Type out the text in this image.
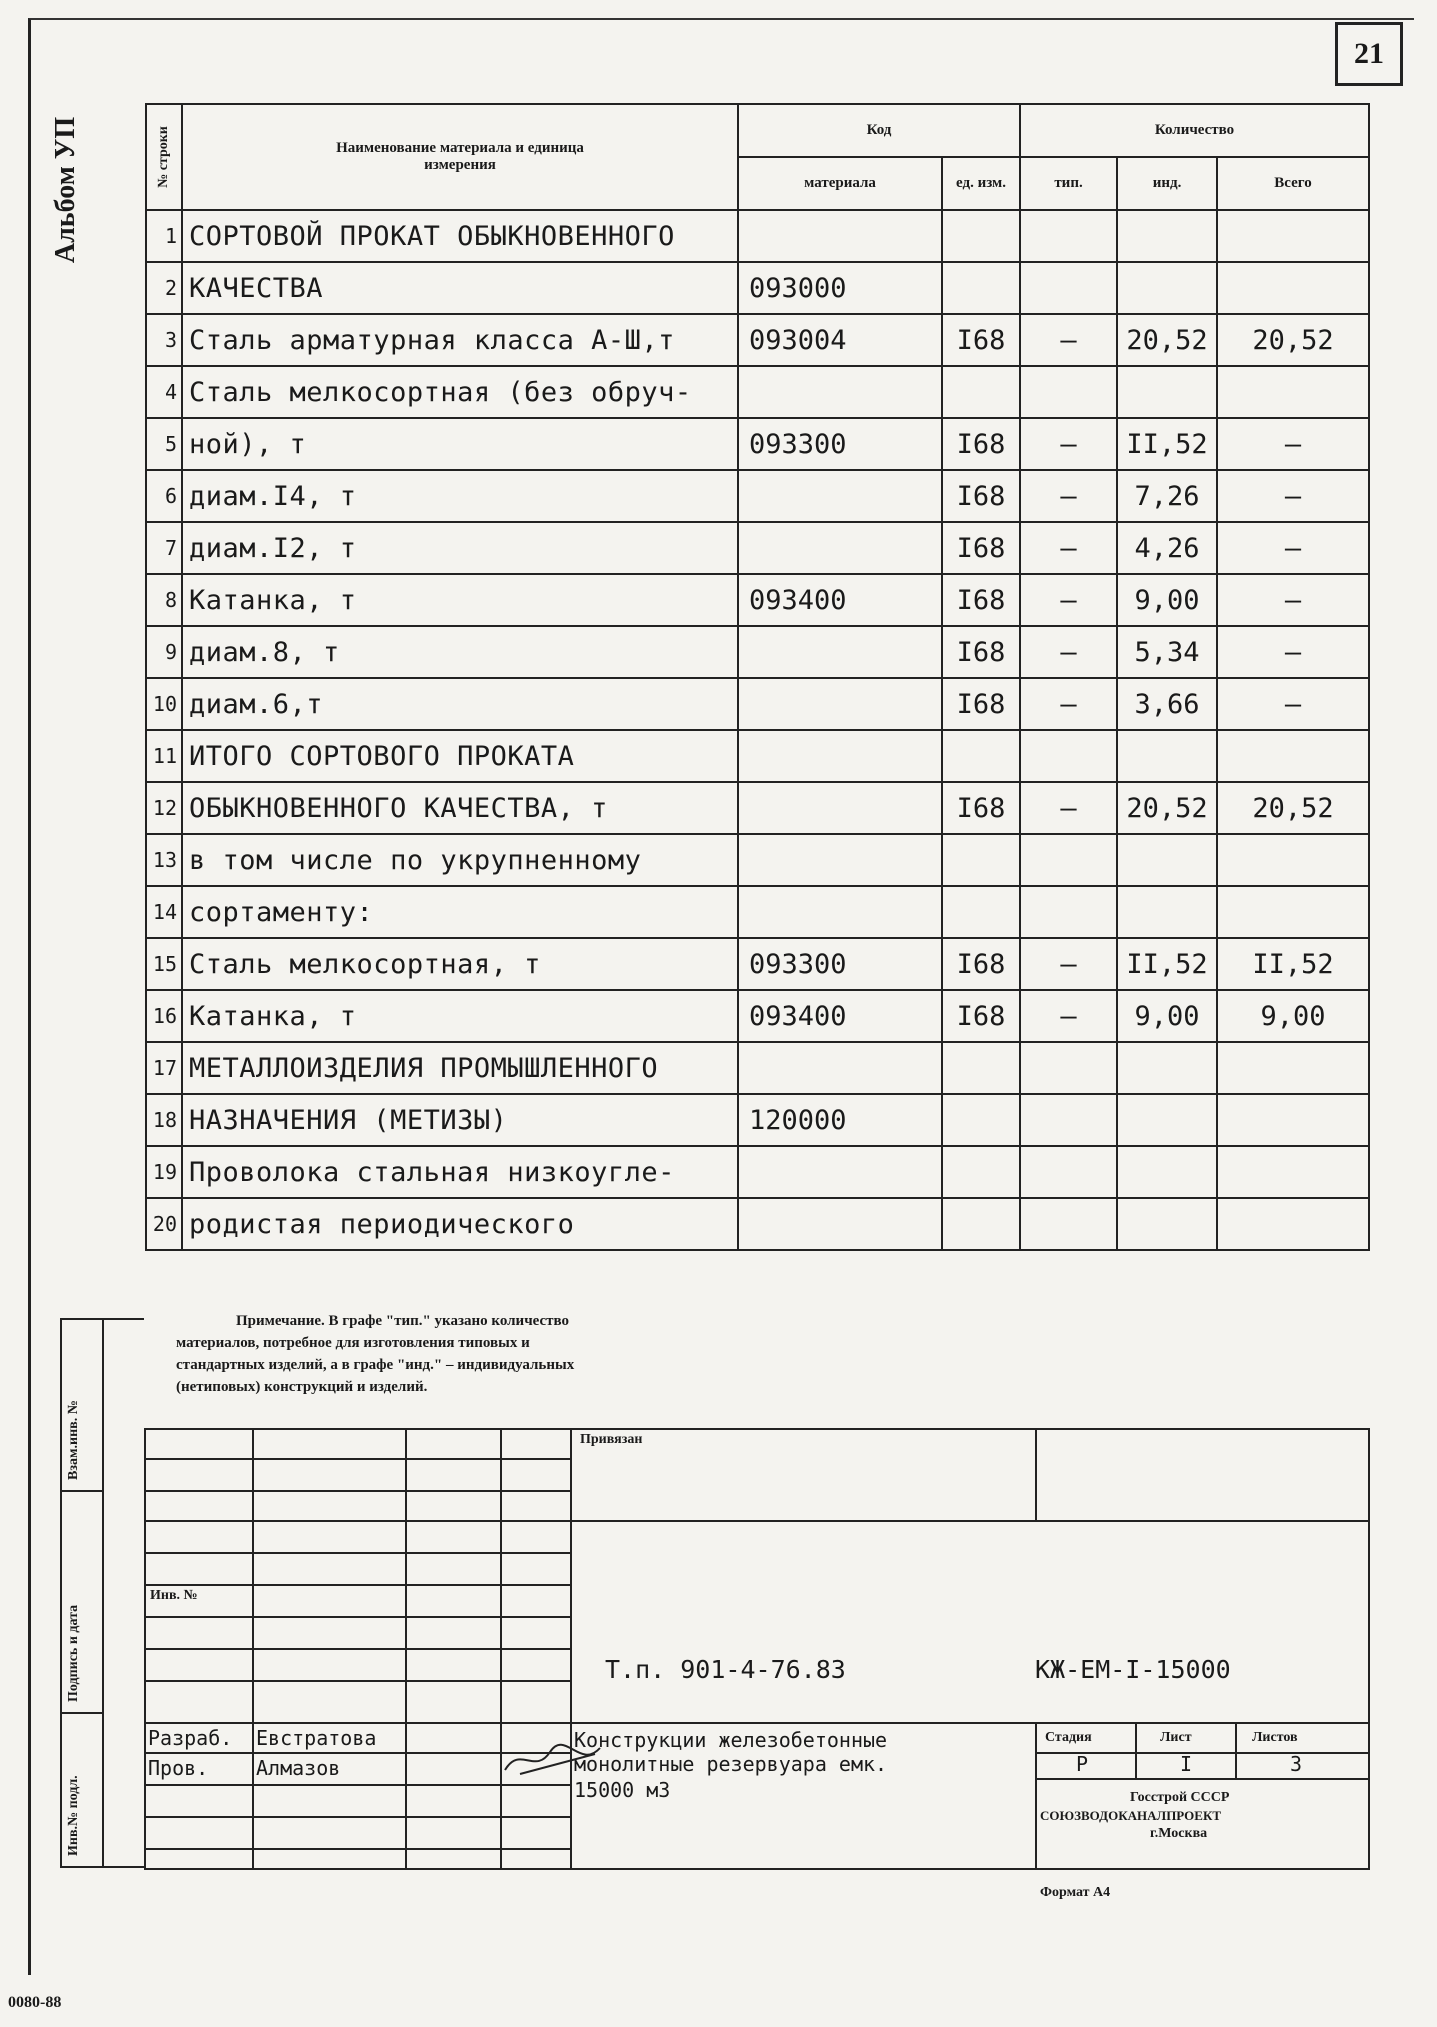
21
Альбом УП	№ строки	Наименование материала и единица измерения	Код		Количество		
		материала	ед. изм.	тип.	инд.	Всего
1	СОРТОВОЙ ПРОКАТ ОБЫКНОВЕННОГО					
2	КАЧЕСТВА	093000				
3	Сталь арматурная класса А-Ш,т	093004	I68	–	20,52	20,52
4	Сталь мелкосортная (без обруч-					
5	ной), т	093300	I68	–	II,52	–
6	диам.I4, т		I68	–	7,26	–
7	диам.I2, т		I68	–	4,26	–
8	Катанка, т	093400	I68	–	9,00	–
9	диам.8, т		I68	–	5,34	–
10	диам.6,т		I68	–	3,66	–
11	ИТОГО СОРТОВОГО ПРОКАТА					
12	ОБЫКНОВЕННОГО КАЧЕСТВА, т		I68	–	20,52	20,52
13	в том числе по укрупненному					
14	сортаменту:					
15	Сталь мелкосортная, т	093300	I68	–	II,52	II,52
16	Катанка, т	093400	I68	–	9,00	9,00
17	МЕТАЛЛОИЗДЕЛИЯ ПРОМЫШЛЕННОГО					
18	НАЗНАЧЕНИЯ (МЕТИЗЫ)	120000				
19	Проволока стальная низкоугле-					
20	родистая периодического					
Примечание. В графе "тип." указано количество
материалов, потребное для изготовления типовых и
стандартных изделий, а в графе "инд." – индивидуальных
(нетиповых) конструкций и изделий.
Взам.инв. №
Подпись и дата
Инв.№ подл.
Привязан
Инв. №
Т.п. 901-4-76.83	КЖ-ЕМ-I-15000
Разраб. Евстратова
Пров. Алмазов
Конструкции железобетонные
монолитные резервуара емк.
15000 м3
Стадия	Лист	Листов
Р	I	3
Госстрой СССР
СОЮЗВОДОКАНАЛПРОЕКТ
г.Москва
Формат А4
0080-88
